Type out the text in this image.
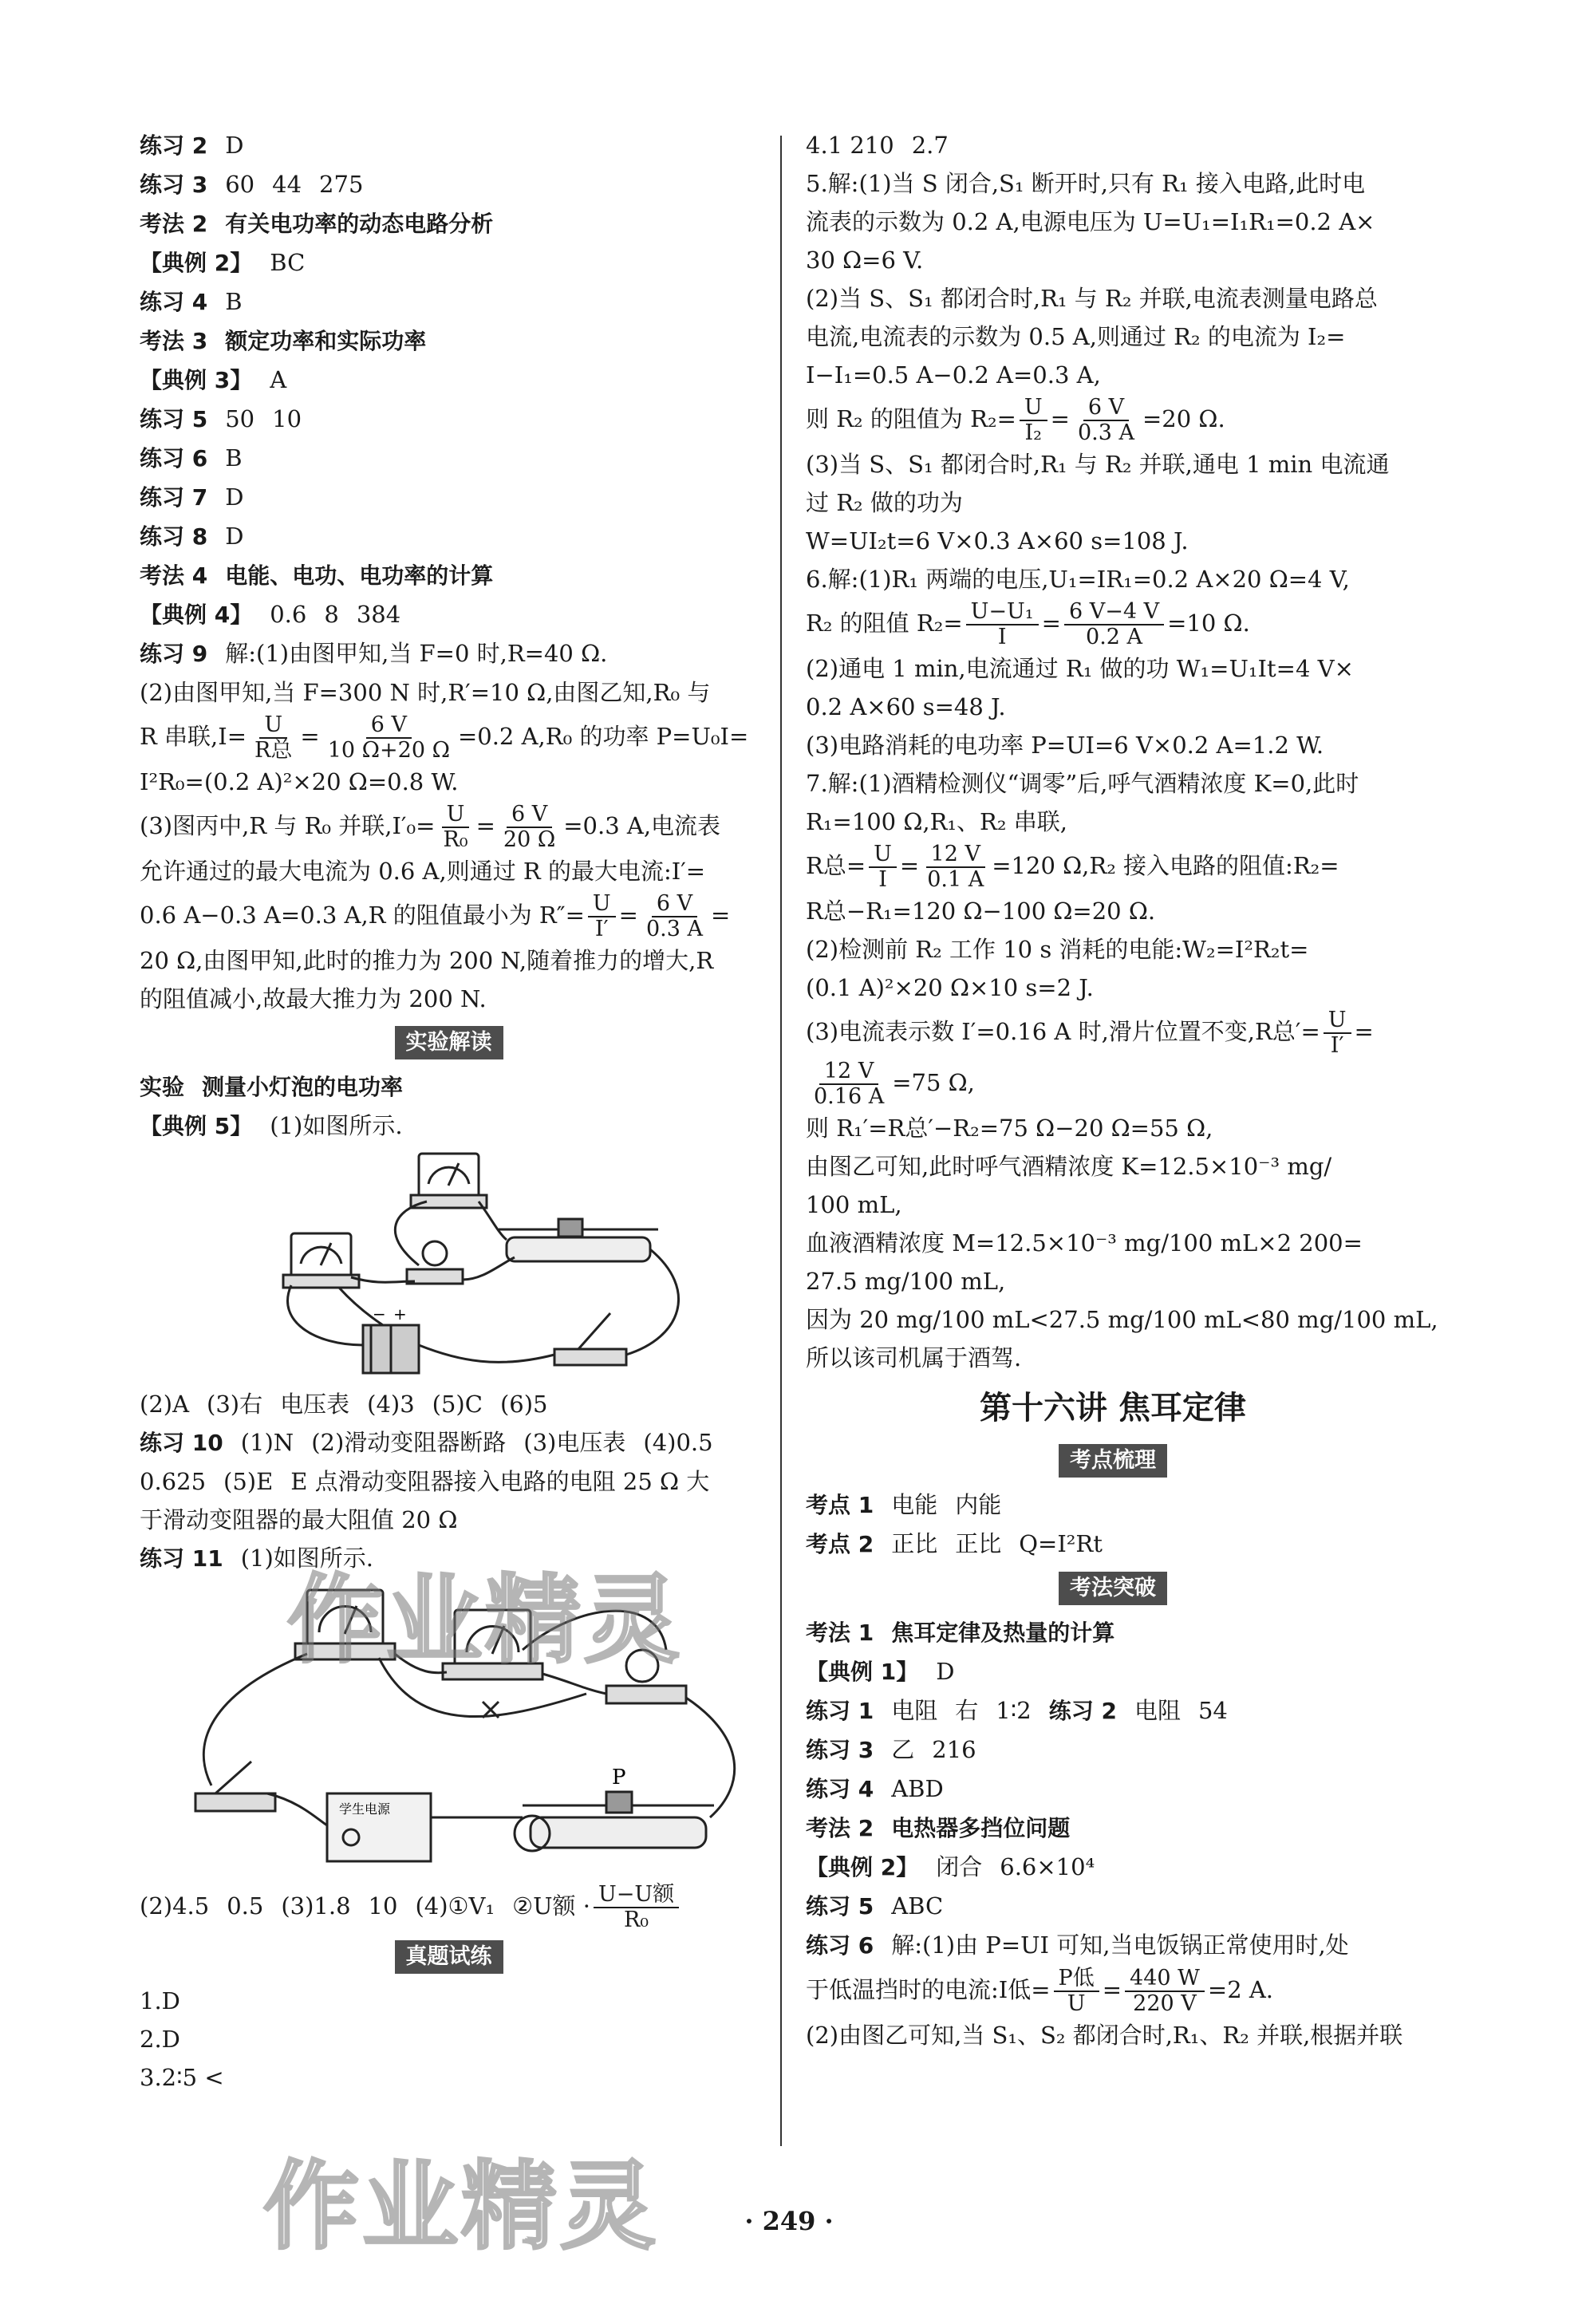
练习 2 D
练习 3 60 44 275
考法 2 有关电功率的动态电路分析
【典例 2】 BC
练习 4 B
考法 3 额定功率和实际功率
【典例 3】 A
练习 5 50 10
练习 6 B
练习 7 D
练习 8 D
考法 4 电能、电功、电功率的计算
【典例 4】 0.6 8 384
练习 9 解:(1)由图甲知,当 F=0 时,R=40 Ω.
(2)由图甲知,当 F=300 N 时,R′=10 Ω,由图乙知,R₀ 与
R 串联$,I= \frac{U}{\text{R总}} = \frac{6 V}{10 \Omega+20 \Omega} =0.2$ A,R₀ 的功率 P=U₀I=
I²R₀=(0.2 A)²×20 Ω=0.8 W.
(3)图丙中,R 与 R₀ 并联$,I'_0= \frac{U}{\text{R₀}} = \frac{6 V}{20 \Omega} =0.3$ A,电流表
允许通过的最大电流为 0.6 A,则通过 R 的最大电流:I′=
0.6 A−0.3 A=0.3 A,R 的阻值最小为 $R''= \frac{U}{I'} = \frac{6 V}{0.3 A}$ =
20 Ω,由图甲知,此时的推力为 200 N,随着推力的增大,R
的阻值减小,故最大推力为 200 N.
实验解读
实验 测量小灯泡的电功率
【典例 5】 (1)如图所示.
− +
(2)A (3)右 电压表 (4)3 (5)C (6)5
练习 10 (1)N (2)滑动变阻器断路 (3)电压表 (4)0.5
0.625 (5)E E 点滑动变阻器接入电路的电阻 25 Ω 大
于滑动变阻器的最大阻值 20 Ω
练习 11 (1)如图所示.
P
学生电源
(2)4.5 0.5 (3)1.8 10 (4)①V₁ ②U额 · $\frac{\text{U−U额}}{\text{R₀}}$
真题试练
1.D
2.D
3.2∶5 <
4.1 210 2.7
5.解:(1)当 S 闭合,S₁ 断开时,只有 R₁ 接入电路,此时电
流表的示数为 0.2 A,电源电压为 U=U₁=I₁R₁=0.2 A×
30 Ω=6 V.
(2)当 S、S₁ 都闭合时,R₁ 与 R₂ 并联,电流表测量电路总
电流,电流表的示数为 0.5 A,则通过 R₂ 的电流为 I₂=
I−I₁=0.5 A−0.2 A=0.3 A,
则 R₂ 的阻值为 $R_2= \frac{U}{\text{I₂}} = \frac{6 V}{0.3 A} =20$ Ω.
(3)当 S、S₁ 都闭合时,R₁ 与 R₂ 并联,通电 1 min 电流通
过 R₂ 做的功为
W=UI₂t=6 V×0.3 A×60 s=108 J.
6.解:(1)R₁ 两端的电压,U₁=IR₁=0.2 A×20 Ω=4 V,
R₂ 的阻值 $R_2= \frac{\text{U−U₁}}{I} = \frac{6 V-4 V}{0.2 A} =10$ Ω.
(2)通电 1 min,电流通过 R₁ 做的功 W₁=U₁It=4 V×
0.2 A×60 s=48 J.
(3)电路消耗的电功率 P=UI=6 V×0.2 A=1.2 W.
7.解:(1)酒精检测仪“调零”后,呼气酒精浓度 K=0,此时
R₁=100 Ω,R₁、R₂ 串联,
R总= $\frac{U}{I} = \frac{12 V}{0.1 A} =120$ Ω,R₂ 接入电路的阻值:R₂=
R总−R₁=120 Ω−100 Ω=20 Ω.
(2)检测前 R₂ 工作 10 s 消耗的电能:W₂=I²R₂t=
(0.1 A)²×20 Ω×10 s=2 J.
(3)电流表示数 I′=0.16 A 时,滑片位置不变,R总′= $\frac{U}{I'}$ =
$\frac{12 V}{0.16 A} =75$ Ω,
则 R₁′=R总′−R₂=75 Ω−20 Ω=55 Ω,
由图乙可知,此时呼气酒精浓度 K=12.5×10⁻³ mg/
100 mL,
血液酒精浓度 M=12.5×10⁻³ mg/100 mL×2 200=
27.5 mg/100 mL,
因为 20 mg/100 mL<27.5 mg/100 mL<80 mg/100 mL,
所以该司机属于酒驾.
第十六讲 焦耳定律
考点梳理
考点 1 电能 内能
考点 2 正比 正比 Q=I²Rt
考法突破
考法 1 焦耳定律及热量的计算
【典例 1】 D
练习 1 电阻 右 1∶2 练习 2 电阻 54
练习 3 乙 216
练习 4 ABD
考法 2 电热器多挡位问题
【典例 2】 闭合 6.6×10⁴
练习 5 ABC
练习 6 解:(1)由 P=UI 可知,当电饭锅正常使用时,处
于低温挡时的电流:I低= $\frac{\text{P低}}{U} = \frac{440 W}{220 V} =2$ A.
(2)由图乙可知,当 S₁、S₂ 都闭合时,R₁、R₂ 并联,根据并联
作业精灵
作业精灵	· 249 ·
